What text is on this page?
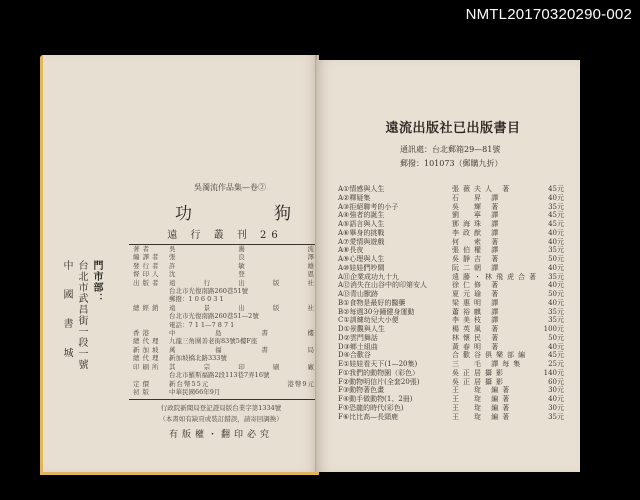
NMTL20170320290-002
門市部：
台北市武昌街一段一號
中 國 書 城
吳濁流作品集—卷②
功	狗
遠 行 叢 刊 26
著者	吳	濁	流
編譯者	張	良	澤
發行者	許	敏	雄
督印人	沈	登	恩
出版者	遠	行	出	版	社
台北市光復南路260巷51號
郵撥：1 0 6 0 3 1
總經銷	遠	景	出	版	社
台北市光復南路260巷51—2號
電話：7 1 1—7 8 7 1
香港	中	島	書	樓
總代理	九龍三角圍善老街83號5樓F座
新加坡	萬	福	書	局
總代理	新加坡橋北路333號
印刷所	其	宗	印	刷	廠
台北市羅斯福路2段113巷7弄16號
定價	新台幣55元	港幣9元
初版	中華民國66年9月
行政院新聞局登記證局版台業字第1334號
（本書如有缺頁或裝訂錯誤，請寄回調換）
有版權・翻印必究
遠流出版社已出版書目
通訊處：台北郵箱29—81號
郵撥：101073（郵購九折）
A①情感與人生	張薇夫人 著	45元
A②釋疑集	石　昇 譯	40元
A③拒絕聯考的小子	吳　輝 著	35元
A④強者的誕生	劉　寧 譯	45元
A⑤語言與人生	鄧海珠 譯	45元
A⑥畢身的挑戰	李政猷 譯	40元
A⑦愛情與遊戲	何　索 著	40元
A⑧長夜	張伯權 譯	35元
A⑨心理與人生	吳靜吉 著	50元
A⑩娃娃們吵鬧	阮二朝 譯	40元
A⑪企業成功九十九	遠藤・林飛虎合著	35元
A⑫消失在山谷中的印第安人	徐仁修 著	40元
A⑬青山獸跡	夏元瑜 著	50元
B①食物是最好的醫藥	梁惠明 譯	40元
B②每週30分鐘健身運動	蕭裕麒 譯	35元
C①訓練幼兒大小便	李美枝 譯	35元
D①景觀與人生	楊英風 著	100元
D②雲門舞話	林懷民 著	50元
D③鄉土組曲	黃春明 著	40元
D④合歡谷	合歡谷俱樂部編	45元
E①娃娃看天下(1—20集)	三　毛 譯每集	25元
F①我們的動物園（彩色）	吳正居攝影	140元
F②動物明信片(全套20張)	吳正居攝影	60元
F③動物著色畫	王　琁 編著	30元
F④動手做動物(1、2冊)	王　琁 編著	40元
F⑤恐龍的時代(彩色)	王　琁 編著	30元
F⑥比比高—長頸鹿	王　琁 編著	35元
